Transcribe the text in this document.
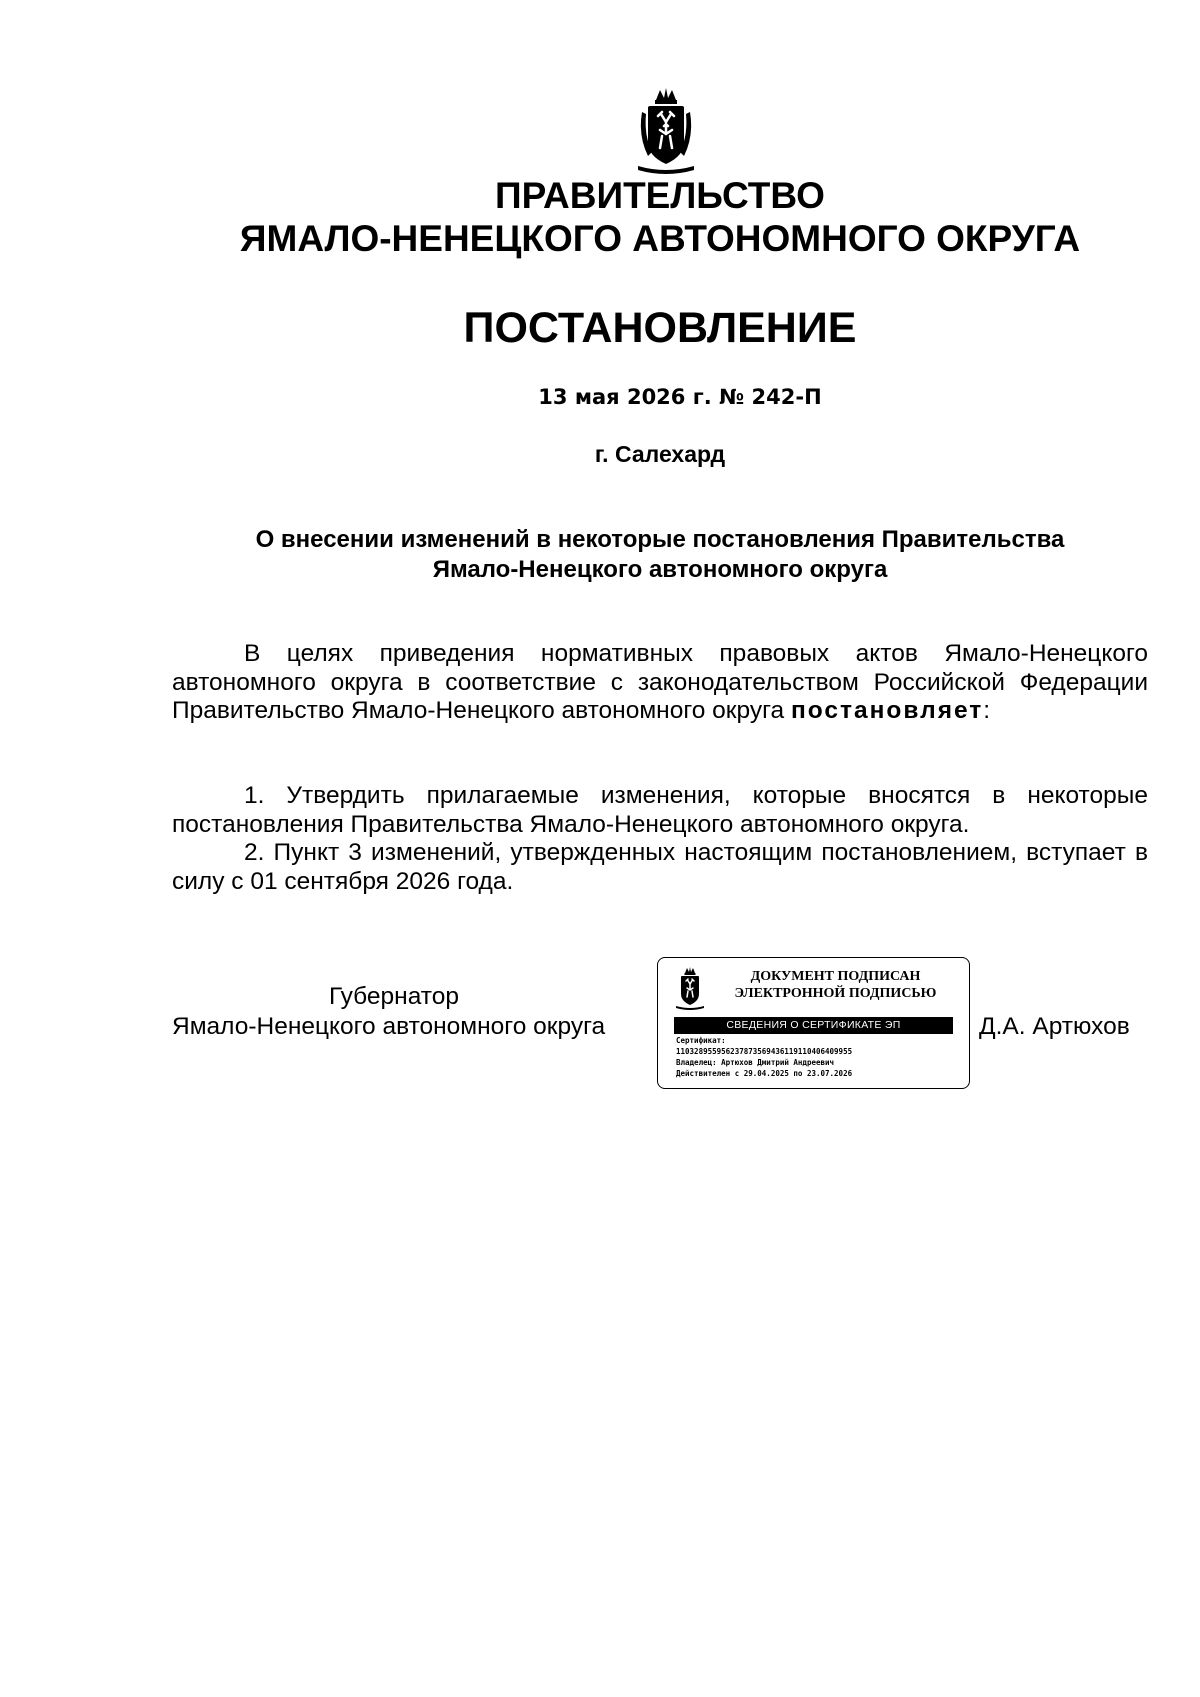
ПРАВИТЕЛЬСТВО
ЯМАЛО-НЕНЕЦКОГО АВТОНОМНОГО ОКРУГА
ПОСТАНОВЛЕНИЕ
13 мая 2026 г. № 242-П
г. Салехард
О внесении изменений в некоторые постановления Правительства
Ямало-Ненецкого автономного округа

В целях приведения нормативных правовых актов Ямало-Ненецкого автономного округа в соответствие с законодательством Российской Федерации Правительство Ямало-Ненецкого автономного округа постановляет:

1. Утвердить прилагаемые изменения, которые вносятся в некоторые постановления Правительства Ямало-Ненецкого автономного округа.

2. Пункт 3 изменений, утвержденных настоящим постановлением, вступает в силу с 01 сентября 2026 года.

Губернатор
Ямало-Ненецкого автономного округа
ДОКУМЕНТ ПОДПИСАН
ЭЛЕКТРОННОЙ ПОДПИСЬЮ
СВЕДЕНИЯ О СЕРТИФИКАТЕ ЭП
Сертификат:
11032895595623787356943611911040640​9955
Владелец: Артюхов Дмитрий Андреевич
Действителен с 29.04.2025 по 23.07.2026
Д.А. Артюхов
